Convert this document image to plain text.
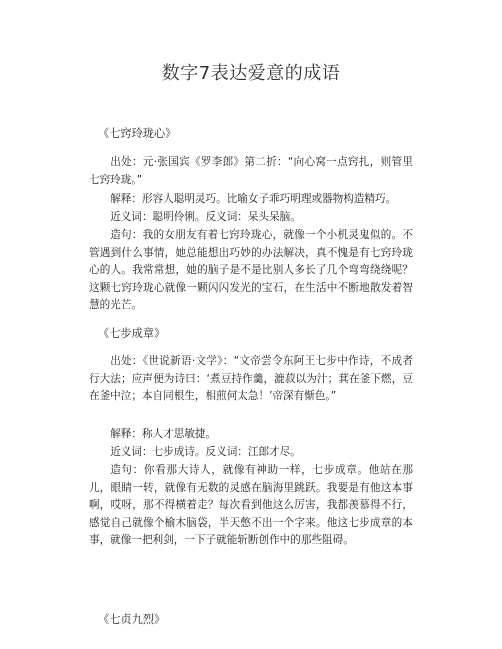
数字7表达爱意的成语
《七窍玲珑心》

出处：元·张国宾《罗李郎》第二折：“向心窝一点窍扎，则管里七窍玲珑。”

解释：形容人聪明灵巧。比喻女子乖巧明理或器物构造精巧。

近义词：聪明伶俐。反义词：呆头呆脑。

造句：我的女朋友有着七窍玲珑心，就像一个小机灵鬼似的。不管遇到什么事情，她总能想出巧妙的办法解决，真不愧是有七窍玲珑心的人。我常常想，她的脑子是不是比别人多长了几个弯弯绕绕呢？这颗七窍玲珑心就像一颗闪闪发光的宝石，在生活中不断地散发着智慧的光芒。

《七步成章》

出处：《世说新语·文学》：“文帝尝令东阿王七步中作诗，不成者行大法；应声便为诗曰：‘煮豆持作羹，漉菽以为汁；萁在釜下燃，豆在釜中泣；本自同根生，相煎何太急！’帝深有惭色。”

解释：称人才思敏捷。

近义词：七步成诗。反义词：江郎才尽。

造句：你看那大诗人，就像有神助一样，七步成章。他站在那儿，眼睛一转，就像有无数的灵感在脑海里跳跃。我要是有他这本事啊，哎呀，那不得横着走？每次看到他这么厉害，我都羡慕得不行，感觉自己就像个榆木脑袋，半天憋不出一个字来。他这七步成章的本事，就像一把利剑，一下子就能斩断创作中的那些阻碍。

《七贞九烈》
